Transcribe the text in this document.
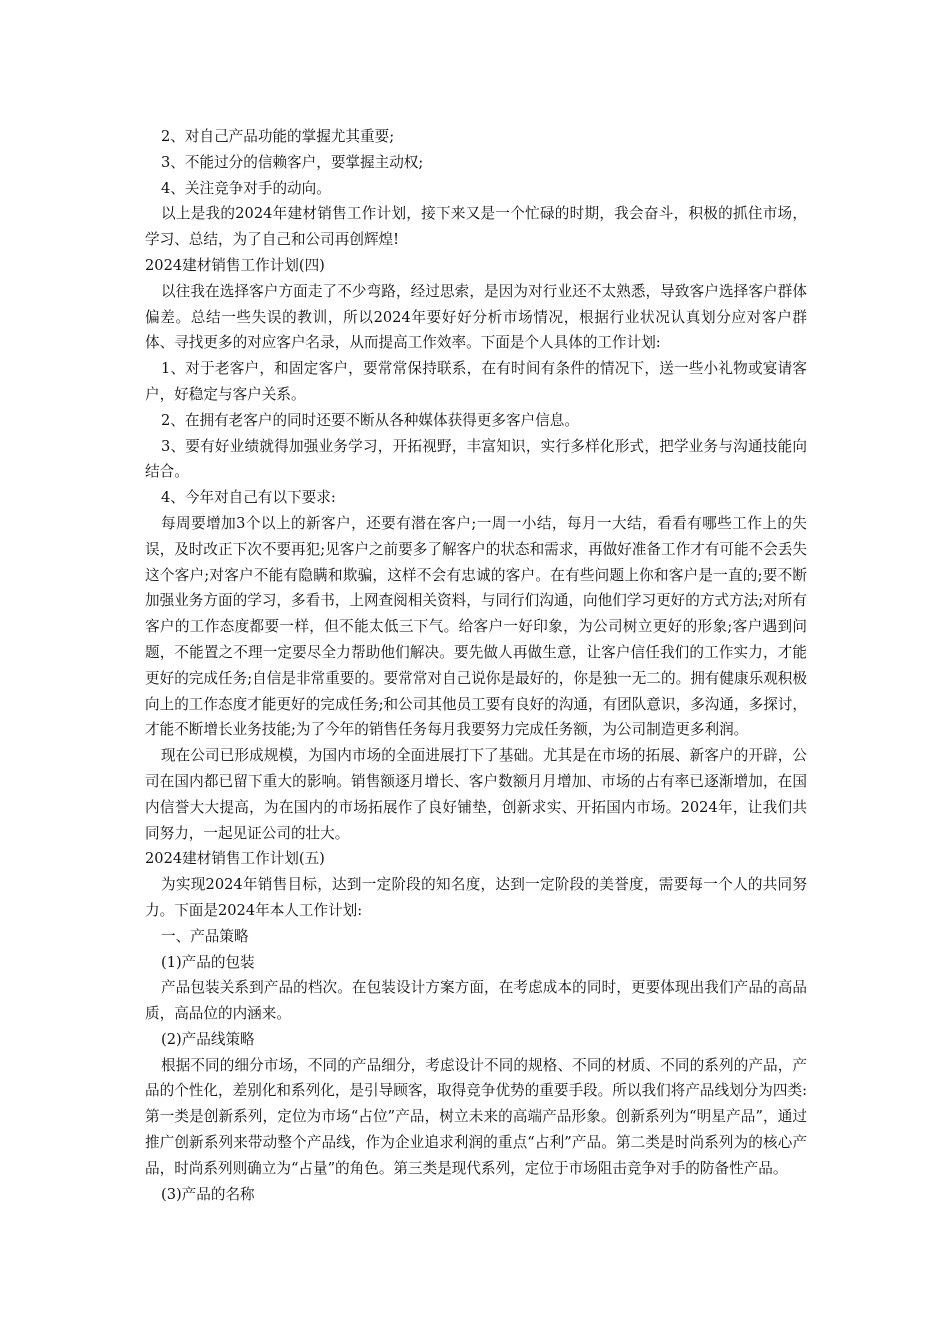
2、对自己产品功能的掌握尤其重要;

3、不能过分的信赖客户，要掌握主动权;

4、关注竞争对手的动向。

以上是我的2024年建材销售工作计划，接下来又是一个忙碌的时期，我会奋斗，积极的抓住市场，学习、总结，为了自己和公司再创辉煌!

2024建材销售工作计划(四)

以往我在选择客户方面走了不少弯路，经过思索，是因为对行业还不太熟悉，导致客户选择客户群体偏差。总结一些失误的教训，所以2024年要好好分析市场情况，根据行业状况认真划分应对客户群体、寻找更多的对应客户名录，从而提高工作效率。下面是个人具体的工作计划:

1、对于老客户，和固定客户，要常常保持联系，在有时间有条件的情况下，送一些小礼物或宴请客户，好稳定与客户关系。

2、在拥有老客户的同时还要不断从各种媒体获得更多客户信息。

3、要有好业绩就得加强业务学习，开拓视野，丰富知识，实行多样化形式，把学业务与沟通技能向结合。

4、今年对自己有以下要求:

每周要增加3个以上的新客户，还要有潜在客户;一周一小结，每月一大结，看看有哪些工作上的失误，及时改正下次不要再犯;见客户之前要多了解客户的状态和需求，再做好准备工作才有可能不会丢失这个客户;对客户不能有隐瞒和欺骗，这样不会有忠诚的客户。在有些问题上你和客户是一直的;要不断加强业务方面的学习，多看书，上网查阅相关资料，与同行们沟通，向他们学习更好的方式方法;对所有客户的工作态度都要一样，但不能太低三下气。给客户一好印象，为公司树立更好的形象;客户遇到问题，不能置之不理一定要尽全力帮助他们解决。要先做人再做生意，让客户信任我们的工作实力，才能更好的完成任务;自信是非常重要的。要常常对自己说你是最好的，你是独一无二的。拥有健康乐观积极向上的工作态度才能更好的完成任务;和公司其他员工要有良好的沟通，有团队意识，多沟通，多探讨，才能不断增长业务技能;为了今年的销售任务每月我要努力完成任务额，为公司制造更多利润。

现在公司已形成规模，为国内市场的全面进展打下了基础。尤其是在市场的拓展、新客户的开辟，公司在国内都已留下重大的影响。销售额逐月增长、客户数额月月增加、市场的占有率已逐渐增加，在国内信誉大大提高，为在国内的市场拓展作了良好铺垫，创新求实、开拓国内市场。2024年，让我们共同努力，一起见证公司的壮大。

2024建材销售工作计划(五)

为实现2024年销售目标，达到一定阶段的知名度，达到一定阶段的美誉度，需要每一个人的共同努力。下面是2024年本人工作计划:

一、产品策略

(1)产品的包装

产品包装关系到产品的档次。在包装设计方案方面，在考虑成本的同时，更要体现出我们产品的高品质，高品位的内涵来。

(2)产品线策略

根据不同的细分市场，不同的产品细分，考虑设计不同的规格、不同的材质、不同的系列的产品，产品的个性化，差别化和系列化，是引导顾客，取得竞争优势的重要手段。所以我们将产品线划分为四类: 第一类是创新系列，定位为市场“占位”产品，树立未来的高端产品形象。创新系列为“明星产品”，通过推广创新系列来带动整个产品线，作为企业追求利润的重点“占利”产品。第二类是时尚系列为的核心产品，时尚系列则确立为“占量”的角色。第三类是现代系列，定位于市场阻击竞争对手的防备性产品。

(3)产品的名称
